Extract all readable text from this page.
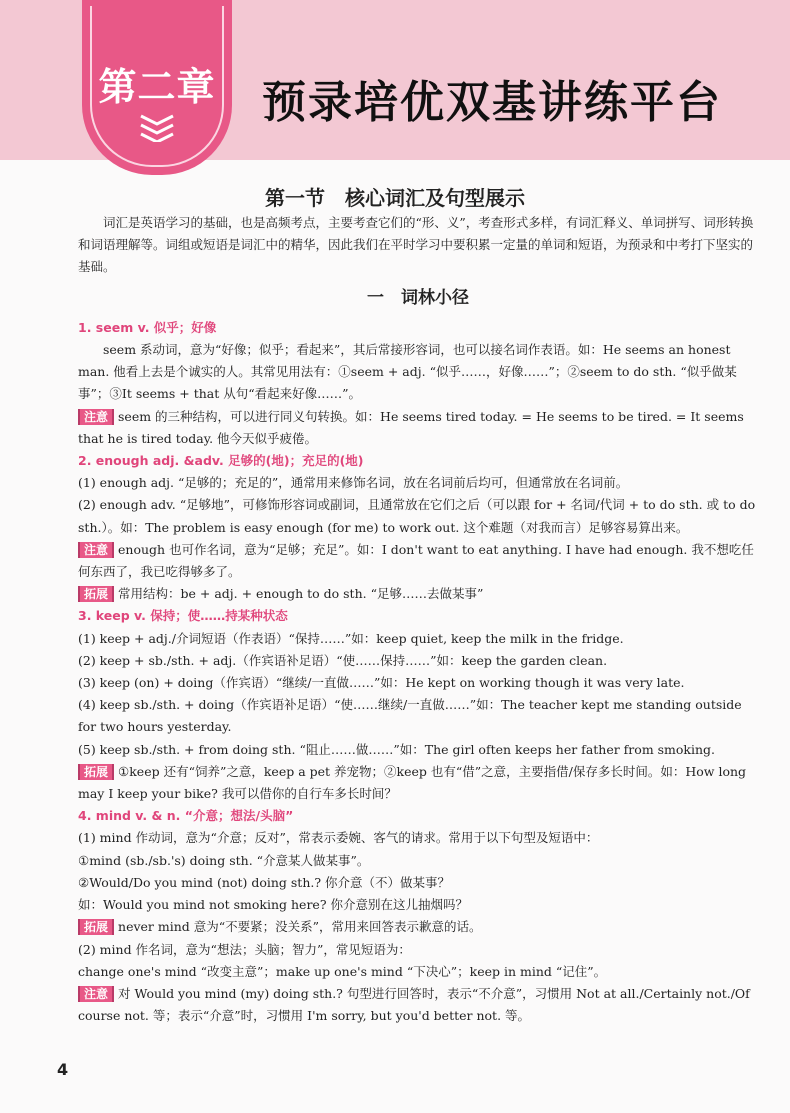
第二章	预录培优双基讲练平台
第一节　核心词汇及句型展示

词汇是英语学习的基础，也是高频考点，主要考查它们的“形、义”，考查形式多样，有词汇释义、单词拼写、词形转换和词语理解等。词组或短语是词汇中的精华，因此我们在平时学习中要积累一定量的单词和短语，为预录和中考打下坚实的基础。

一　词林小径
1. seem v. 似乎；好像

seem 系动词，意为“好像；似乎；看起来”，其后常接形容词，也可以接名词作表语。如：He seems an honest man. 他看上去是个诚实的人。其常见用法有：①seem + adj. “似乎……，好像……”；②seem to do sth. “似乎做某事”；③It seems + that 从句“看起来好像……”。

注意 seem 的三种结构，可以进行同义句转换。如：He seems tired today. = He seems to be tired. = It seems that he is tired today. 他今天似乎疲倦。

2. enough adj. &adv. 足够的(地)；充足的(地)

(1) enough adj. “足够的；充足的”，通常用来修饰名词，放在名词前后均可，但通常放在名词前。

(2) enough adv. “足够地”，可修饰形容词或副词，且通常放在它们之后（可以跟 for + 名词/代词 + to do sth. 或 to do sth.）。如：The problem is easy enough (for me) to work out. 这个难题（对我而言）足够容易算出来。

注意 enough 也可作名词，意为“足够；充足”。如：I don't want to eat anything. I have had enough. 我不想吃任何东西了，我已吃得够多了。

拓展 常用结构：be + adj. + enough to do sth. “足够……去做某事”

3. keep v. 保持；使……持某种状态

(1) keep + adj./介词短语（作表语）“保持……”如：keep quiet, keep the milk in the fridge.

(2) keep + sb./sth. + adj.（作宾语补足语）“使……保持……”如：keep the garden clean.

(3) keep (on) + doing（作宾语）“继续/一直做……”如：He kept on working though it was very late.

(4) keep sb./sth. + doing（作宾语补足语）“使……继续/一直做……”如：The teacher kept me standing outside for two hours yesterday.

(5) keep sb./sth. + from doing sth. “阻止……做……”如：The girl often keeps her father from smoking.

拓展 ①keep 还有“饲养”之意，keep a pet 养宠物；②keep 也有“借”之意，主要指借/保存多长时间。如：How long may I keep your bike? 我可以借你的自行车多长时间？

4. mind v. & n. “介意；想法/头脑”

(1) mind 作动词，意为“介意；反对”，常表示委婉、客气的请求。常用于以下句型及短语中：

①mind (sb./sb.'s) doing sth. “介意某人做某事”。

②Would/Do you mind (not) doing sth.? 你介意（不）做某事？

如：Would you mind not smoking here? 你介意别在这儿抽烟吗？

拓展 never mind 意为“不要紧；没关系”，常用来回答表示歉意的话。

(2) mind 作名词，意为“想法；头脑；智力”，常见短语为：

change one's mind “改变主意”；make up one's mind “下决心”；keep in mind “记住”。

注意 对 Would you mind (my) doing sth.? 句型进行回答时，表示“不介意”，习惯用 Not at all./Certainly not./Of course not. 等；表示“介意”时，习惯用 I'm sorry, but you'd better not. 等。

4
